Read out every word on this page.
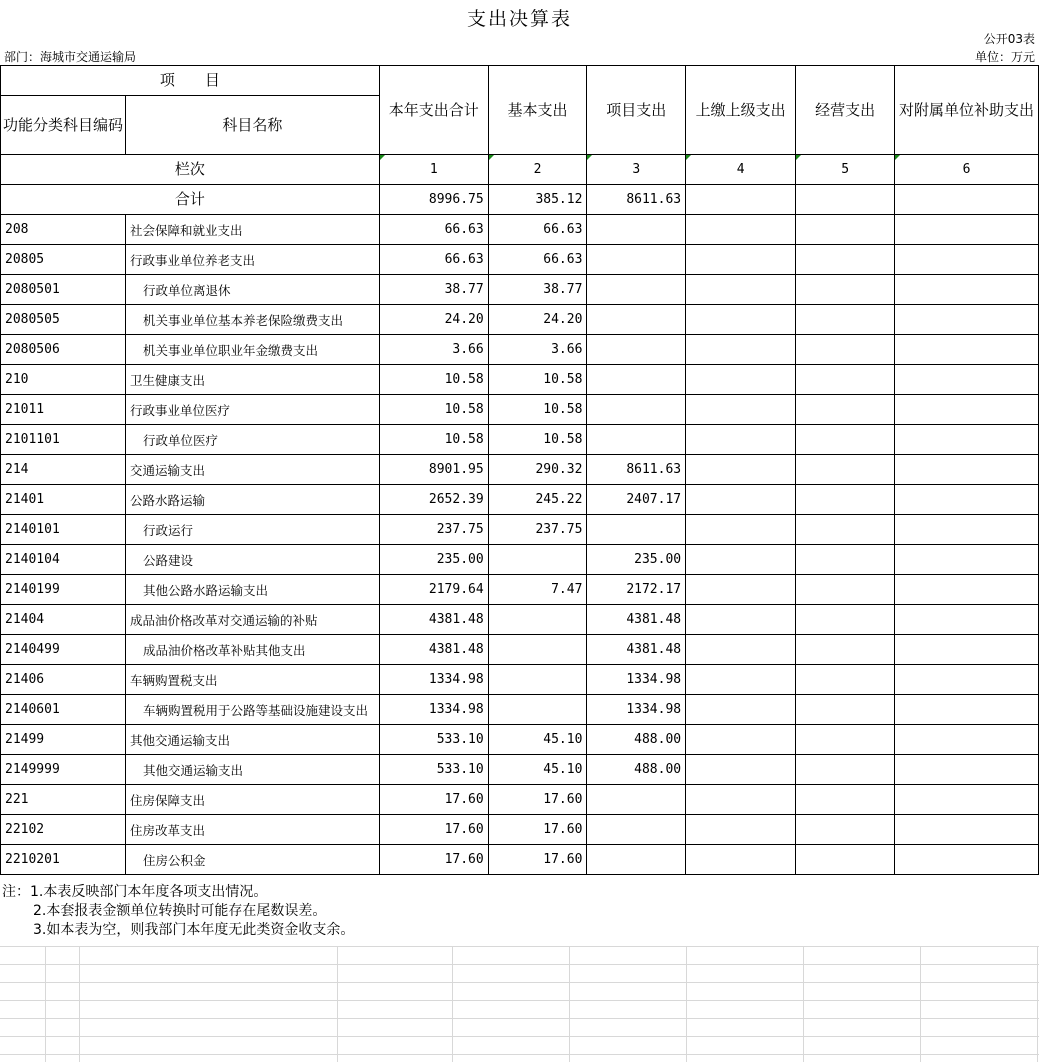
支出决算表
公开03表
部门：海城市交通运输局	单位：万元
项　　目		本年支出合计	基本支出	项目支出	上缴上级支出	经营支出	对附属单位补助支出
功能分类科目编码	科目名称						
栏次		1	2	3	4	5	6
合计		8996.75	385.12	8611.63			
208	社会保障和就业支出	66.63	66.63				
20805	行政事业单位养老支出	66.63	66.63				
2080501	行政单位离退休	38.77	38.77				
2080505	机关事业单位基本养老保险缴费支出	24.20	24.20				
2080506	机关事业单位职业年金缴费支出	3.66	3.66				
210	卫生健康支出	10.58	10.58				
21011	行政事业单位医疗	10.58	10.58				
2101101	行政单位医疗	10.58	10.58				
214	交通运输支出	8901.95	290.32	8611.63			
21401	公路水路运输	2652.39	245.22	2407.17			
2140101	行政运行	237.75	237.75				
2140104	公路建设	235.00		235.00			
2140199	其他公路水路运输支出	2179.64	7.47	2172.17			
21404	成品油价格改革对交通运输的补贴	4381.48		4381.48			
2140499	成品油价格改革补贴其他支出	4381.48		4381.48			
21406	车辆购置税支出	1334.98		1334.98			
2140601	车辆购置税用于公路等基础设施建设支出	1334.98		1334.98			
21499	其他交通运输支出	533.10	45.10	488.00			
2149999	其他交通运输支出	533.10	45.10	488.00			
221	住房保障支出	17.60	17.60				
22102	住房改革支出	17.60	17.60				
2210201	住房公积金	17.60	17.60				
注：1.本表反映部门本年度各项支出情况。
2.本套报表金额单位转换时可能存在尾数误差。
3.如本表为空，则我部门本年度无此类资金收支余。
